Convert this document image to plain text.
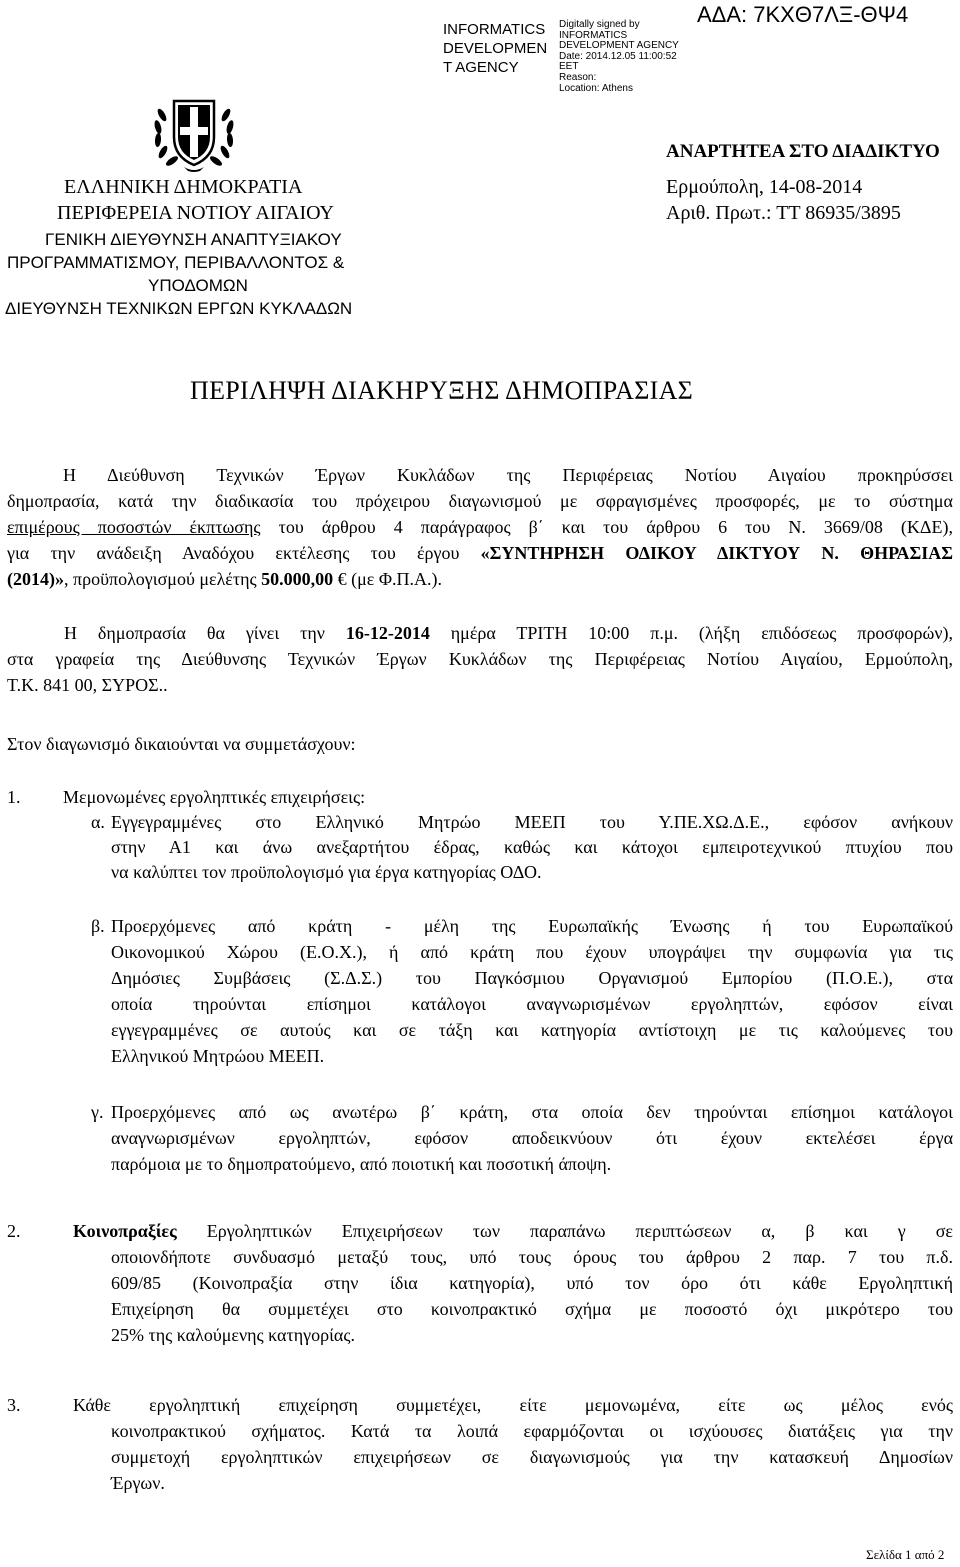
INFORMATICS
DEVELOPMEN
T AGENCY
Digitally signed by
INFORMATICS
DEVELOPMENT AGENCY
Date: 2014.12.05 11:00:52
EET
Reason:
Location: Athens
ΑΔΑ: 7ΚΧΘ7ΛΞ-ΘΨ4
ΑΝΑΡΤΗΤΕΑ ΣΤΟ ΔΙΑΔΙΚΤΥΟ
ΕΛΛΗΝΙΚΗ ΔΗΜΟΚΡΑΤΙΑ
ΠΕΡΙΦΕΡΕΙΑ ΝΟΤΙΟΥ ΑΙΓΑΙΟΥ
ΓΕΝΙΚΗ ΔΙΕΥΘΥΝΣΗ ΑΝΑΠΤΥΞΙΑΚΟΥ
ΠΡΟΓΡΑΜΜΑΤΙΣΜΟΥ, ΠΕΡΙΒΑΛΛΟΝΤΟΣ &
ΥΠΟΔΟΜΩΝ
ΔΙΕΥΘΥΝΣΗ ΤΕΧΝΙΚΩΝ ΕΡΓΩΝ ΚΥΚΛΑΔΩΝ
Ερμούπολη, 14-08-2014
Αριθ. Πρωτ.: ΤΤ 86935/3895
ΠΕΡΙΛΗΨΗ ΔΙΑΚΗΡΥΞΗΣ ΔΗΜΟΠΡΑΣΙΑΣ
Η Διεύθυνση Τεχνικών Έργων Κυκλάδων της Περιφέρειας Νοτίου Αιγαίου προκηρύσσει
δημοπρασία, κατά την διαδικασία του πρόχειρου διαγωνισμού με σφραγισμένες προσφορές, με το σύστημα
επιμέρους ποσοστών έκπτωσης του άρθρου 4 παράγραφος β΄ και του άρθρου 6 του Ν. 3669/08 (ΚΔΕ),
για την ανάδειξη Αναδόχου εκτέλεσης του έργου «ΣΥΝΤΗΡΗΣΗ ΟΔΙΚΟΥ ΔΙΚΤΥΟΥ Ν. ΘΗΡΑΣΙΑΣ
(2014)», προϋπολογισμού μελέτης 50.000,00 € (με Φ.Π.Α.).
Η δημοπρασία θα γίνει την 16-12-2014 ημέρα ΤΡΙΤΗ 10:00 π.μ. (λήξη επιδόσεως προσφορών),
στα γραφεία της Διεύθυνσης Τεχνικών Έργων Κυκλάδων της Περιφέρειας Νοτίου Αιγαίου, Ερμούπολη,
Τ.Κ. 841 00, ΣΥΡΟΣ..
Στον διαγωνισμό δικαιούνται να συμμετάσχουν:
1. Μεμονωμένες εργοληπτικές επιχειρήσεις:
α. Εγγεγραμμένες στο Ελληνικό Μητρώο ΜΕΕΠ του Υ.ΠΕ.ΧΩ.Δ.Ε., εφόσον ανήκουν
στην Α1 και άνω ανεξαρτήτου έδρας, καθώς και κάτοχοι εμπειροτεχνικού πτυχίου που
να καλύπτει τον προϋπολογισμό για έργα κατηγορίας ΟΔΟ.
β. Προερχόμενες από κράτη - μέλη της Ευρωπαϊκής Ένωσης ή του Ευρωπαϊκού
Οικονομικού Χώρου (Ε.Ο.Χ.), ή από κράτη που έχουν υπογράψει την συμφωνία για τις
Δημόσιες Συμβάσεις (Σ.Δ.Σ.) του Παγκόσμιου Οργανισμού Εμπορίου (Π.Ο.Ε.), στα
οποία τηρούνται επίσημοι κατάλογοι αναγνωρισμένων εργοληπτών, εφόσον είναι
εγγεγραμμένες σε αυτούς και σε τάξη και κατηγορία αντίστοιχη με τις καλούμενες του
Ελληνικού Μητρώου ΜΕΕΠ.
γ. Προερχόμενες από ως ανωτέρω β΄ κράτη, στα οποία δεν τηρούνται επίσημοι κατάλογοι
αναγνωρισμένων εργοληπτών, εφόσον αποδεικνύουν ότι έχουν εκτελέσει έργα
παρόμοια με το δημοπρατούμενο, από ποιοτική και ποσοτική άποψη.
2.	Κοινοπραξίες Εργοληπτικών Επιχειρήσεων των παραπάνω περιπτώσεων α, β και γ σε
οποιονδήποτε συνδυασμό μεταξύ τους, υπό τους όρους του άρθρου 2 παρ. 7 του π.δ.
609/85 (Κοινοπραξία στην ίδια κατηγορία), υπό τον όρο ότι κάθε Εργοληπτική
Επιχείρηση θα συμμετέχει στο κοινοπρακτικό σχήμα με ποσοστό όχι μικρότερο του
25% της καλούμενης κατηγορίας.
3.	Κάθε εργοληπτική επιχείρηση συμμετέχει, είτε μεμονωμένα, είτε ως μέλος ενός
κοινοπρακτικού σχήματος. Κατά τα λοιπά εφαρμόζονται οι ισχύουσες διατάξεις για την
συμμετοχή εργοληπτικών επιχειρήσεων σε διαγωνισμούς για την κατασκευή Δημοσίων
Έργων.
Σελίδα 1 από 2
